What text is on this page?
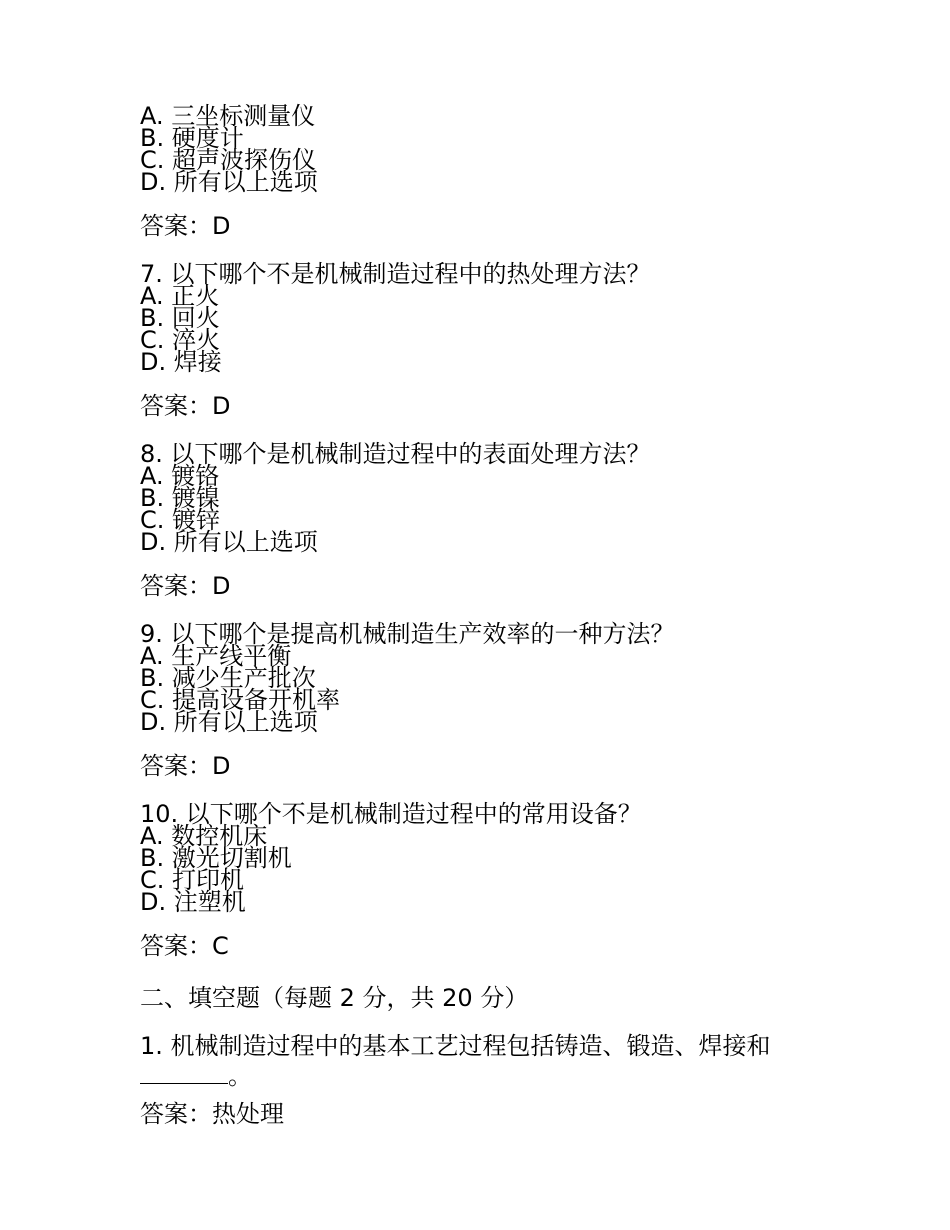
A. 三坐标测量仪
B. 硬度计
C. 超声波探伤仪
D. 所有以上选项
答案：D
7. 以下哪个不是机械制造过程中的热处理方法？
A. 正火
B. 回火
C. 淬火
D. 焊接
答案：D
8. 以下哪个是机械制造过程中的表面处理方法？
A. 镀铬
B. 镀镍
C. 镀锌
D. 所有以上选项
答案：D
9. 以下哪个是提高机械制造生产效率的一种方法？
A. 生产线平衡
B. 减少生产批次
C. 提高设备开机率
D. 所有以上选项
答案：D
10. 以下哪个不是机械制造过程中的常用设备？
A. 数控机床
B. 激光切割机
C. 打印机
D. 注塑机
答案：C
二、填空题（每题 2 分，共 20 分）
1. 机械制造过程中的基本工艺过程包括铸造、锻造、焊接和。
答案：热处理
